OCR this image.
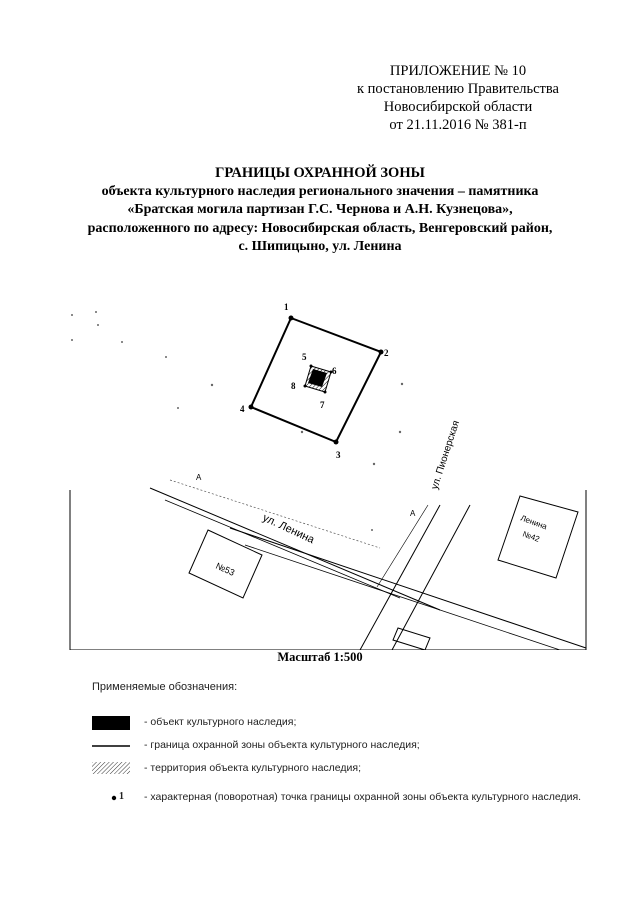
ПРИЛОЖЕНИЕ № 10
к постановлению Правительства
Новосибирской области
от 21.11.2016 № 381-п
ГРАНИЦЫ ОХРАННОЙ ЗОНЫ
объекта культурного наследия регионального значения – памятника
«Братская могила партизан Г.С. Чернова и А.Н. Кузнецова»,
расположенного по адресу: Новосибирская область, Венгеровский район,
с. Шипицыно, ул. Ленина
№53
Ленина
№42
ул. Ленина
ул. Пионерская
А
А
1
2
3
4
5
6
7
8
Масштаб 1:500
Применяемые обозначения:
- объект культурного наследия;
- граница охранной зоны объекта культурного наследия;
- территория объекта культурного наследия;
1 - характерная (поворотная) точка границы охранной зоны объекта культурного наследия.
